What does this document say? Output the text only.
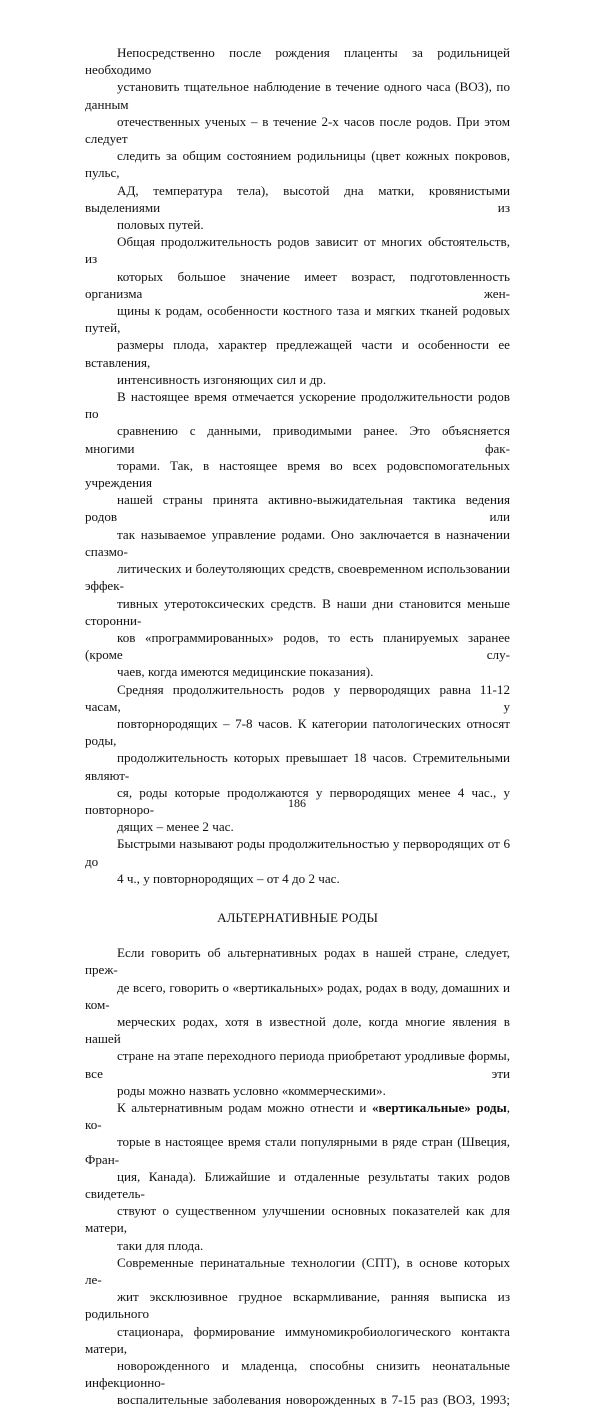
Непосредственно после рождения плаценты за родильницей необходимо
установить тщательное наблюдение в течение одного часа (ВОЗ), по данным
отечественных ученых – в течение 2-х часов после родов. При этом следует
следить за общим состоянием родильницы (цвет кожных покровов, пульс,
АД, температура тела), высотой дна матки, кровянистыми выделениями из
половых путей.

Общая продолжительность родов зависит от многих обстоятельств, из
которых большое значение имеет возраст, подготовленность организма жен-
щины к родам, особенности костного таза и мягких тканей родовых путей,
размеры плода, характер предлежащей части и особенности ее вставления,
интенсивность изгоняющих сил и др.

В настоящее время отмечается ускорение продолжительности родов по
сравнению с данными, приводимыми ранее. Это объясняется многими фак-
торами. Так, в настоящее время во всех родовспомогательных учреждения
нашей страны принята активно-выжидательная тактика ведения родов или
так называемое управление родами. Оно заключается в назначении спазмо-
литических и болеутоляющих средств, своевременном использовании эффек-
тивных утеротоксических средств. В наши дни становится меньше сторонни-
ков «программированных» родов, то есть планируемых заранее (кроме слу-
чаев, когда имеются медицинские показания).

Средняя продолжительность родов у первородящих равна 11-12 часам, у
повторнородящих – 7-8 часов. К категории патологических относят роды,
продолжительность которых превышает 18 часов. Стремительными являют-
ся, роды которые продолжаются у первородящих менее 4 час., у повторноро-
дящих – менее 2 час.

Быстрыми называют роды продолжительностью у первородящих от 6 до
4 ч., у повторнородящих – от 4 до 2 час.

АЛЬТЕРНАТИВНЫЕ РОДЫ

Если говорить об альтернативных родах в нашей стране, следует, преж-
де всего, говорить о «вертикальных» родах, родах в воду, домашних и ком-
мерческих родах, хотя в известной доле, когда многие явления в нашей
стране на этапе переходного периода приобретают уродливые формы, все эти
роды можно назвать условно «коммерческими».

К альтернативным родам можно отнести и «вертикальные» роды, ко-
торые в настоящее время стали популярными в ряде стран (Швеция, Фран-
ция, Канада). Ближайшие и отдаленные результаты таких родов свидетель-
ствуют о существенном улучшении основных показателей как для матери,
таки для плода.

Современные перинатальные технологии (СПТ), в основе которых ле-
жит эксклюзивное грудное вскармливание, ранняя выписка из родильного
стационара, формирование иммуномикробиологического контакта матери,
новорожденного и младенца, способны снизить неонатальные инфекционно-
воспалительные заболевания новорожденных в 7-15 раз (ВОЗ, 1993;

186
